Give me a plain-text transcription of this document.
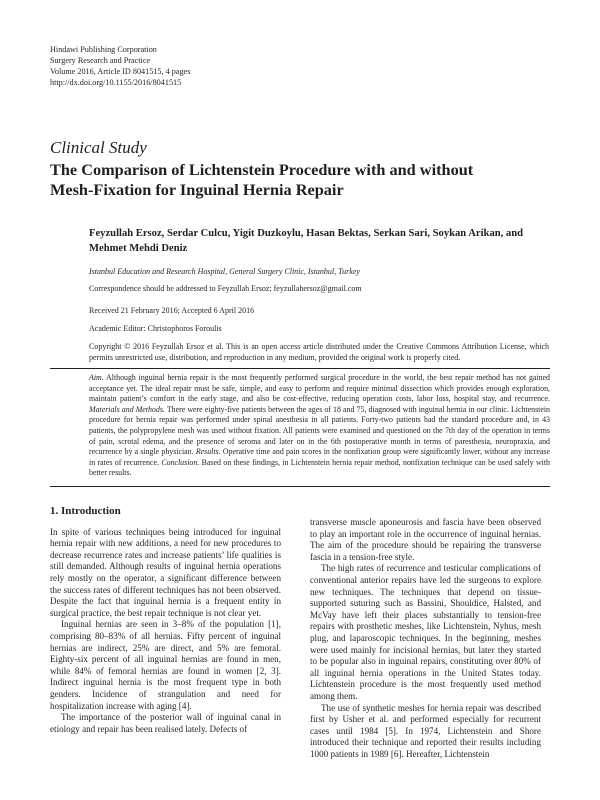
Hindawi Publishing Corporation
Surgery Research and Practice
Volume 2016, Article ID 8041515, 4 pages
http://dx.doi.org/10.1155/2016/8041515
Clinical Study
The Comparison of Lichtenstein Procedure with and without Mesh-Fixation for Inguinal Hernia Repair
Feyzullah Ersoz, Serdar Culcu, Yigit Duzkoylu, Hasan Bektas, Serkan Sari, Soykan Arikan, and Mehmet Mehdi Deniz
Istanbul Education and Research Hospital, General Surgery Clinic, Istanbul, Turkey
Correspondence should be addressed to Feyzullah Ersoz; feyzullahersoz@gmail.com
Received 21 February 2016; Accepted 6 April 2016
Academic Editor: Christophoros Foroulis
Copyright © 2016 Feyzullah Ersoz et al. This is an open access article distributed under the Creative Commons Attribution License, which permits unrestricted use, distribution, and reproduction in any medium, provided the original work is properly cited.
Aim. Although inguinal hernia repair is the most frequently performed surgical procedure in the world, the best repair method has not gained acceptance yet. The ideal repair must be safe, simple, and easy to perform and require minimal dissection which provides enough exploration, maintain patient’s comfort in the early stage, and also be cost-effective, reducing operation costs, labor loss, hospital stay, and recurrence. Materials and Methods. There were eighty-five patients between the ages of 18 and 75, diagnosed with inguinal hernia in our clinic. Lichtenstein procedure for hernia repair was performed under spinal anesthesia in all patients. Forty-two patients had the standard procedure and, in 43 patients, the polypropylene mesh was used without fixation. All patients were examined and questioned on the 7th day of the operation in terms of pain, scrotal edema, and the presence of seroma and later on in the 6th postoperative month in terms of paresthesia, neuropraxia, and recurrence by a single physician. Results. Operative time and pain scores in the nonfixation group were significantly lower, without any increase in rates of recurrence. Conclusion. Based on these findings, in Lichtenstein hernia repair method, nonfixation technique can be used safely with better results.
1. Introduction

In spite of various techniques being introduced for inguinal hernia repair with new additions, a need for new procedures to decrease recurrence rates and increase patients’ life qualities is still demanded. Although results of inguinal hernia operations rely mostly on the operator, a significant difference between the success rates of different techniques has not been observed. Despite the fact that inguinal hernia is a frequent entity in surgical practice, the best repair technique is not clear yet.

Inguinal hernias are seen in 3–8% of the population [1], comprising 80–83% of all hernias. Fifty percent of inguinal hernias are indirect, 25% are direct, and 5% are femoral. Eighty-six percent of all inguinal hernias are found in men, while 84% of femoral hernias are found in women [2, 3]. Indirect inguinal hernia is the most frequent type in both genders. Incidence of strangulation and need for hospitalization increase with aging [4].

The importance of the posterior wall of inguinal canal in etiology and repair has been realised lately. Defects of

transverse muscle aponeurosis and fascia have been observed to play an important role in the occurrence of inguinal hernias. The aim of the procedure should be repairing the transverse fascia in a tension-free style.

The high rates of recurrence and testicular complications of conventional anterior repairs have led the surgeons to explore new techniques. The techniques that depend on tissue-supported suturing such as Bassini, Shouldice, Halsted, and McVay have left their places substantially to tension-free repairs with prosthetic meshes, like Lichtenstein, Nyhus, mesh plug, and laparoscopic techniques. In the beginning, meshes were used mainly for incisional hernias, but later they started to be popular also in inguinal repairs, constituting over 80% of all inguinal hernia operations in the United States today. Lichtenstein procedure is the most frequently used method among them.

The use of synthetic meshes for hernia repair was described first by Usher et al. and performed especially for recurrent cases until 1984 [5]. In 1974, Lichtenstein and Shore introduced their technique and reported their results including 1000 patients in 1989 [6]. Hereafter, Lichtenstein
